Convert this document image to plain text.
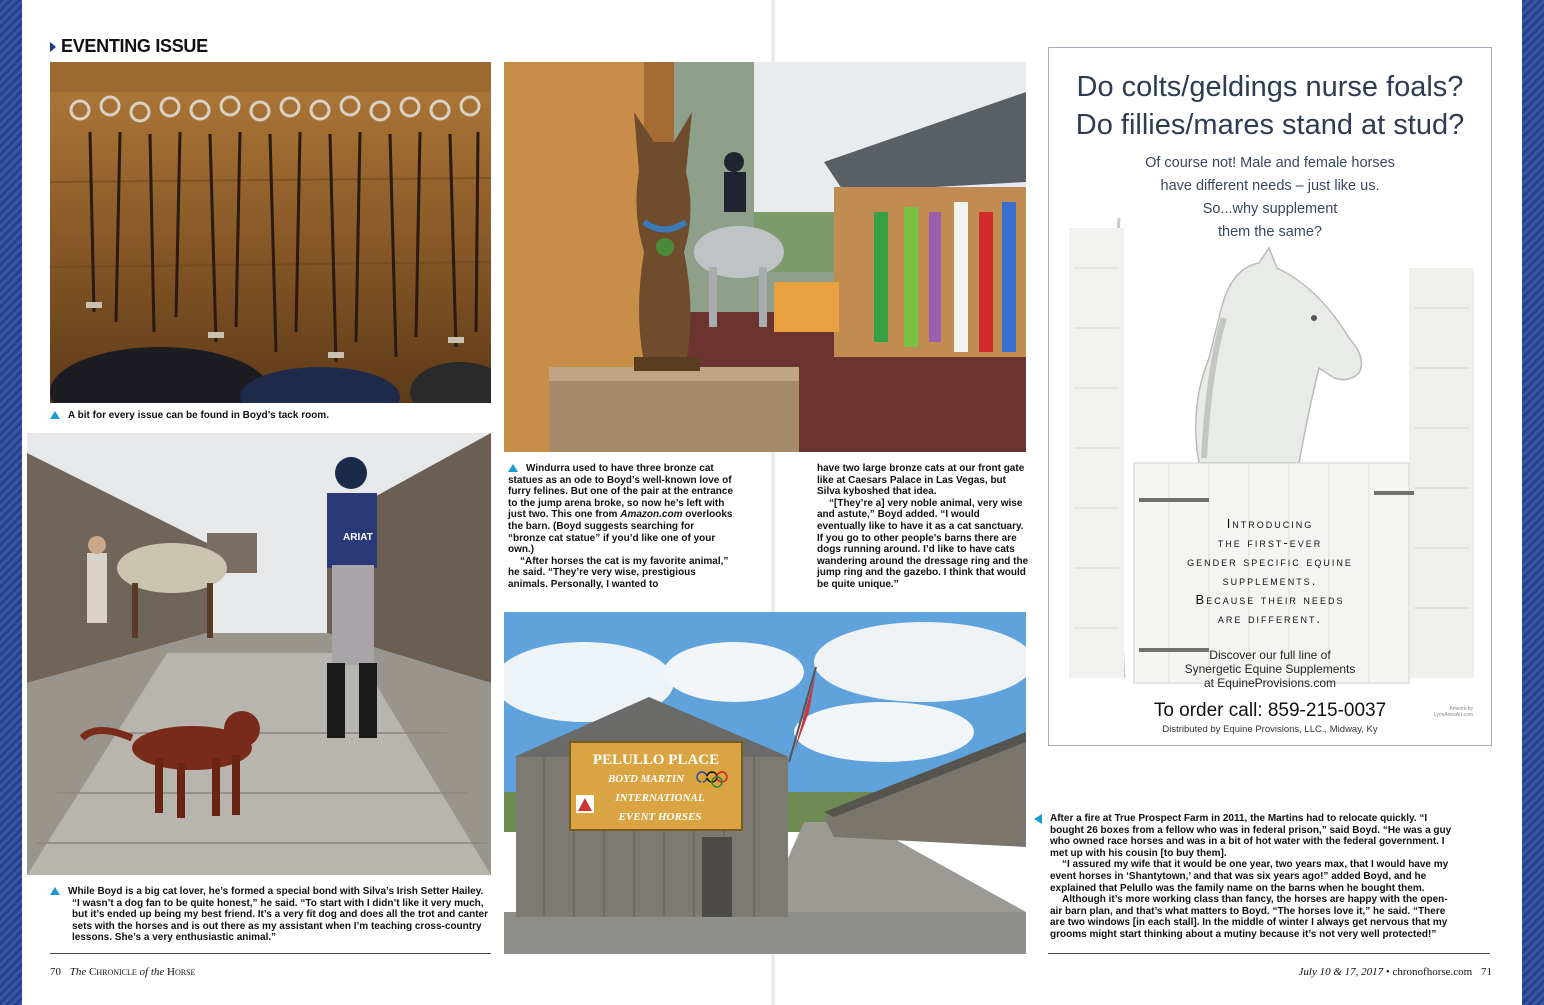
EVENTING ISSUE
A bit for every issue can be found in Boyd’s tack room.

Windurra used to have three bronze cat statues as an ode to Boyd’s well-known love of furry felines. But one of the pair at the entrance to the jump arena broke, so now he’s left with just two. This one from Amazon.com overlooks the barn. (Boyd suggests searching for “bronze cat statue” if you’d like one of your own.)

“After horses the cat is my favorite animal,” he said. “They’re very wise, prestigious animals. Personally, I wanted to

have two large bronze cats at our front gate like at Caesars Palace in Las Vegas, but Silva kyboshed that idea.

“[They’re a] very noble animal, very wise and astute,” Boyd added. “I would eventually like to have it as a cat sanctuary. If you go to other people’s barns there are dogs running around. I’d like to have cats wandering around the dressage ring and the jump ring and the gazebo. I think that would be quite unique.”

ARIAT

While Boyd is a big cat lover, he’s formed a special bond with Silva’s Irish Setter Hailey. “I wasn’t a dog fan to be quite honest,” he said. “To start with I didn’t like it very much, but it’s ended up being my best friend. It’s a very fit dog and does all the trot and canter sets with the horses and is out there as my assistant when I’m teaching cross-country lessons. She’s a very enthusiastic animal.”

PELULLO PLACE
BOYD MARTIN
INTERNATIONAL
EVENT HORSES	After a fire at True Prospect Farm in 2011, the Martins had to relocate quickly. “I bought 26 boxes from a fellow who was in federal prison,” said Boyd. “He was a guy who owned race horses and was in a bit of hot water with the federal government. I met up with his cousin [to buy them].

“I assured my wife that it would be one year, two years max, that I would have my event horses in ‘Shantytown,’ and that was six years ago!” added Boyd, and he explained that Pelullo was the family name on the barns when he bought them.

Although it’s more working class than fancy, the horses are happy with the open-air barn plan, and that’s what matters to Boyd. “The horses love it,” he said. “There are two windows [in each stall]. In the middle of winter I always get nervous that my grooms might start thinking about a mutiny because it’s not very well protected!”

Do colts/geldings nurse foals?
Do fillies/mares stand at stud?
Of course not! Male and female horses
have different needs – just like us.
So...why supplement
them the same?
Introducing
the first-ever
gender specific equine
supplements.
Because their needs
are different.
Discover our full line of
Synergetic Equine Supplements
at EquineProvisions.com
To order call: 859-215-0037
Distributed by Equine Provisions, LLC., Midway, Ky
Artwork by
LynnAriesArt.com
70 The Chronicle of the Horse	July 10 & 17, 2017 • chronofhorse.com 71
